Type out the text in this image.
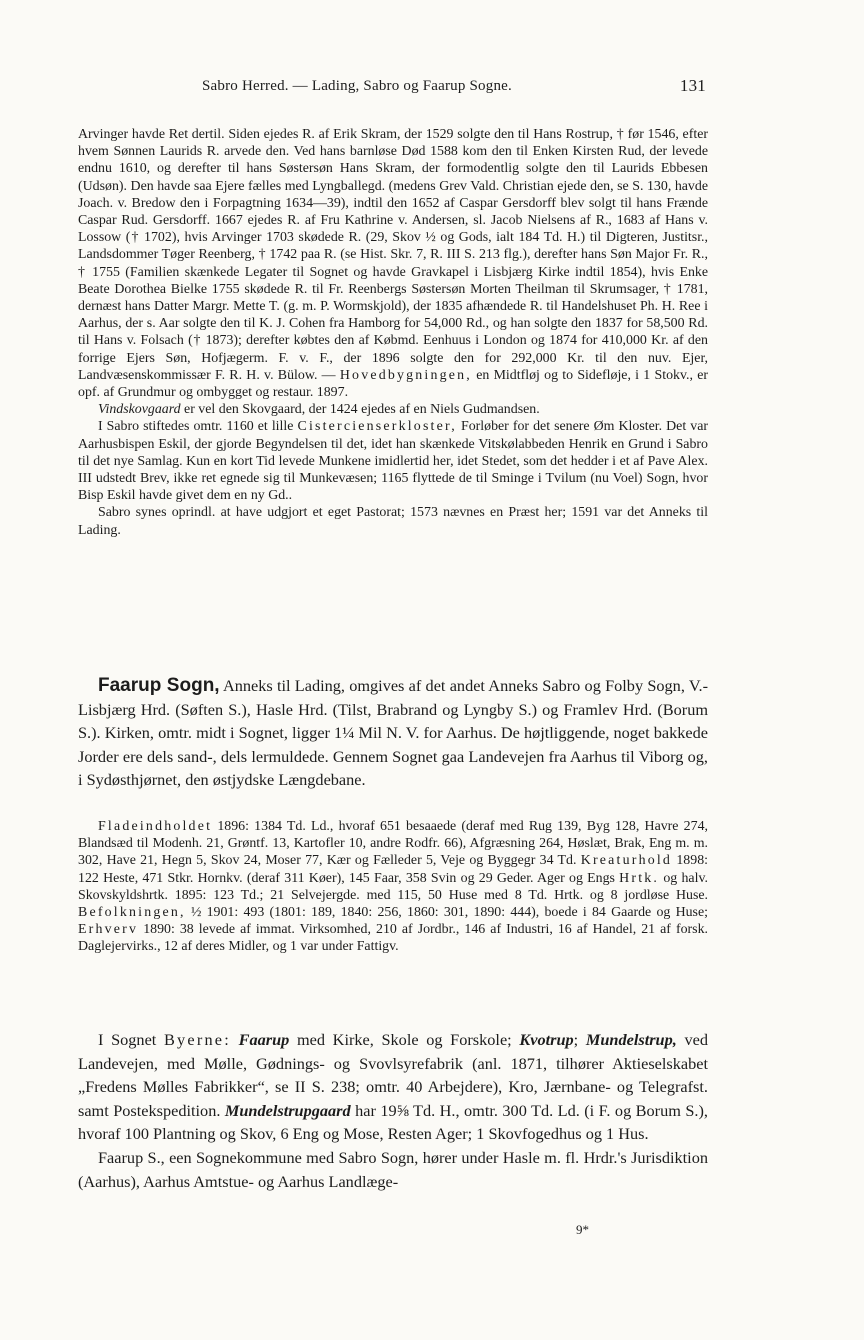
Sabro Herred. — Lading, Sabro og Faarup Sogne.	131

Arvinger havde Ret dertil. Siden ejedes R. af Erik Skram, der 1529 solgte den til Hans Rostrup, † før 1546, efter hvem Sønnen Laurids R. arvede den. Ved hans barnløse Død 1588 kom den til Enken Kirsten Rud, der levede endnu 1610, og derefter til hans Søstersøn Hans Skram, der formodentlig solgte den til Laurids Ebbesen (Udsøn). Den havde saa Ejere fælles med Lyngballegd. (medens Grev Vald. Christian ejede den, se S. 130, havde Joach. v. Bredow den i Forpagtning 1634—39), indtil den 1652 af Caspar Gersdorff blev solgt til hans Frænde Caspar Rud. Gersdorff. 1667 ejedes R. af Fru Kathrine v. Andersen, sl. Jacob Nielsens af R., 1683 af Hans v. Lossow († 1702), hvis Arvinger 1703 skødede R. (29, Skov ½ og Gods, ialt 184 Td. H.) til Digteren, Justitsr., Landsdommer Tøger Reenberg, † 1742 paa R. (se Hist. Skr. 7, R. III S. 213 flg.), derefter hans Søn Major Fr. R., † 1755 (Familien skænkede Legater til Sognet og havde Gravkapel i Lisbjærg Kirke indtil 1854), hvis Enke Beate Dorothea Bielke 1755 skødede R. til Fr. Reenbergs Søstersøn Morten Theilman til Skrumsager, † 1781, dernæst hans Datter Margr. Mette T. (g. m. P. Wormskjold), der 1835 afhændede R. til Handelshuset Ph. H. Ree i Aarhus, der s. Aar solgte den til K. J. Cohen fra Hamborg for 54,000 Rd., og han solgte den 1837 for 58,500 Rd. til Hans v. Folsach († 1873); derefter købtes den af Købmd. Eenhuus i London og 1874 for 410,000 Kr. af den forrige Ejers Søn, Hofjægerm. F. v. F., der 1896 solgte den for 292,000 Kr. til den nuv. Ejer, Landvæsenskommissær F. R. H. v. Bülow. — Hovedbygningen, en Midtfløj og to Sidefløje, i 1 Stokv., er opf. af Grundmur og ombygget og restaur. 1897.

Vindskovgaard er vel den Skovgaard, der 1424 ejedes af en Niels Gudmandsen.

I Sabro stiftedes omtr. 1160 et lille Cistercienserkloster, Forløber for det senere Øm Kloster. Det var Aarhusbispen Eskil, der gjorde Begyndelsen til det, idet han skænkede Vitskølabbeden Henrik en Grund i Sabro til det nye Samlag. Kun en kort Tid levede Munkene imidlertid her, idet Stedet, som det hedder i et af Pave Alex. III udstedt Brev, ikke ret egnede sig til Munkevæsen; 1165 flyttede de til Sminge i Tvilum (nu Voel) Sogn, hvor Bisp Eskil havde givet dem en ny Gd..

Sabro synes oprindl. at have udgjort et eget Pastorat; 1573 nævnes en Præst her; 1591 var det Anneks til Lading.

Faarup Sogn, Anneks til Lading, omgives af det andet Anneks Sabro og Folby Sogn, V.-Lisbjærg Hrd. (Søften S.), Hasle Hrd. (Tilst, Brabrand og Lyngby S.) og Framlev Hrd. (Borum S.). Kirken, omtr. midt i Sognet, ligger 1¼ Mil N. V. for Aarhus. De højtliggende, noget bakkede Jorder ere dels sand-, dels lermuldede. Gennem Sognet gaa Landevejen fra Aarhus til Viborg og, i Sydøsthjørnet, den østjydske Længdebane.

Fladeindholdet 1896: 1384 Td. Ld., hvoraf 651 besaaede (deraf med Rug 139, Byg 128, Havre 274, Blandsæd til Modenh. 21, Grøntf. 13, Kartofler 10, andre Rodfr. 66), Afgræsning 264, Høslæt, Brak, Eng m. m. 302, Have 21, Hegn 5, Skov 24, Moser 77, Kær og Fælleder 5, Veje og Byggegr 34 Td. Kreaturhold 1898: 122 Heste, 471 Stkr. Hornkv. (deraf 311 Køer), 145 Faar, 358 Svin og 29 Geder. Ager og Engs Hrtk. og halv. Skovskyldshrtk. 1895: 123 Td.; 21 Selvejergde. med 115, 50 Huse med 8 Td. Hrtk. og 8 jordløse Huse. Befolkningen, ½ 1901: 493 (1801: 189, 1840: 256, 1860: 301, 1890: 444), boede i 84 Gaarde og Huse; Erhverv 1890: 38 levede af immat. Virksomhed, 210 af Jordbr., 146 af Industri, 16 af Handel, 21 af forsk. Daglejervirks., 12 af deres Midler, og 1 var under Fattigv.

I Sognet Byerne: Faarup med Kirke, Skole og Forskole; Kvotrup; Mundelstrup, ved Landevejen, med Mølle, Gødnings- og Svovlsyrefabrik (anl. 1871, tilhører Aktieselskabet „Fredens Mølles Fabrikker“, se II S. 238; omtr. 40 Arbejdere), Kro, Jærnbane- og Telegrafst. samt Postekspedition. Mundelstrupgaard har 19⅝ Td. H., omtr. 300 Td. Ld. (i F. og Borum S.), hvoraf 100 Plantning og Skov, 6 Eng og Mose, Resten Ager; 1 Skovfogedhus og 1 Hus.

Faarup S., een Sognekommune med Sabro Sogn, hører under Hasle m. fl. Hrdr.'s Jurisdiktion (Aarhus), Aarhus Amtstue- og Aarhus Landlæge-

9*
